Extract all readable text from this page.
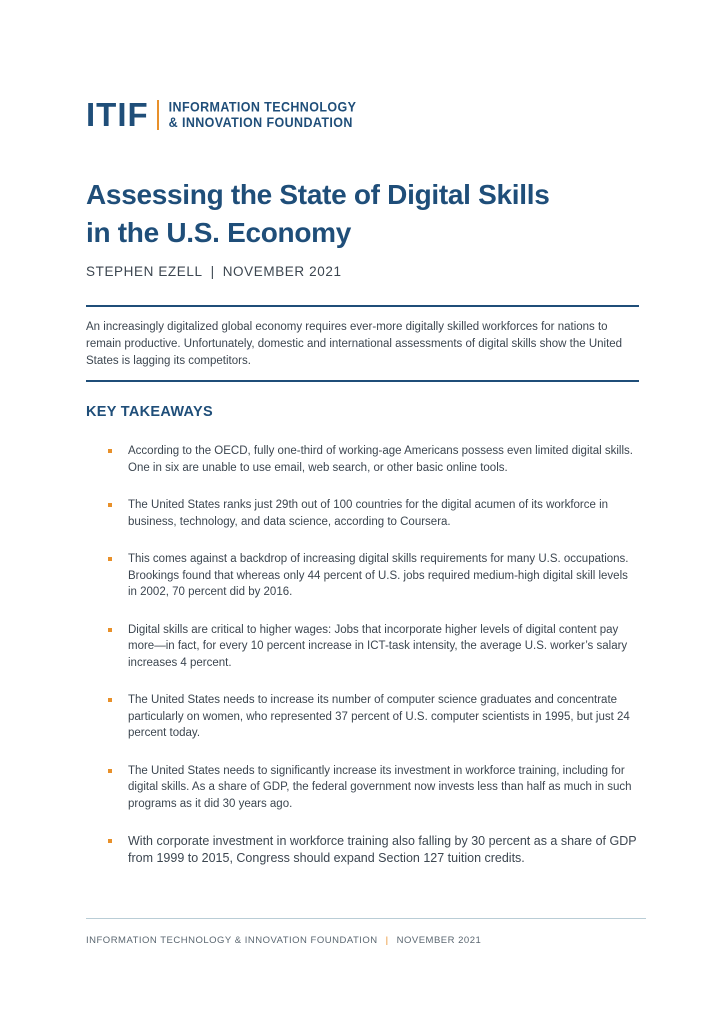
ITIF INFORMATION TECHNOLOGY
& INNOVATION FOUNDATION
Assessing the State of Digital Skills
in the U.S. Economy
STEPHEN EZELL | NOVEMBER 2021

An increasingly digitalized global economy requires ever-more digitally skilled workforces for nations to remain productive. Unfortunately, domestic and international assessments of digital skills show the United States is lagging its competitors.

KEY TAKEAWAYS
According to the OECD, fully one-third of working-age Americans possess even limited digital skills. One in six are unable to use email, web search, or other basic online tools.
The United States ranks just 29th out of 100 countries for the digital acumen of its workforce in business, technology, and data science, according to Coursera.
This comes against a backdrop of increasing digital skills requirements for many U.S. occupations. Brookings found that whereas only 44 percent of U.S. jobs required medium-high digital skill levels in 2002, 70 percent did by 2016.
Digital skills are critical to higher wages: Jobs that incorporate higher levels of digital content pay more—in fact, for every 10 percent increase in ICT-task intensity, the average U.S. worker’s salary increases 4 percent.
The United States needs to increase its number of computer science graduates and concentrate particularly on women, who represented 37 percent of U.S. computer scientists in 1995, but just 24 percent today.
The United States needs to significantly increase its investment in workforce training, including for digital skills. As a share of GDP, the federal government now invests less than half as much in such programs as it did 30 years ago.
With corporate investment in workforce training also falling by 30 percent as a share of GDP from 1999 to 2015, Congress should expand Section 127 tuition credits.
INFORMATION TECHNOLOGY & INNOVATION FOUNDATION | NOVEMBER 2021
